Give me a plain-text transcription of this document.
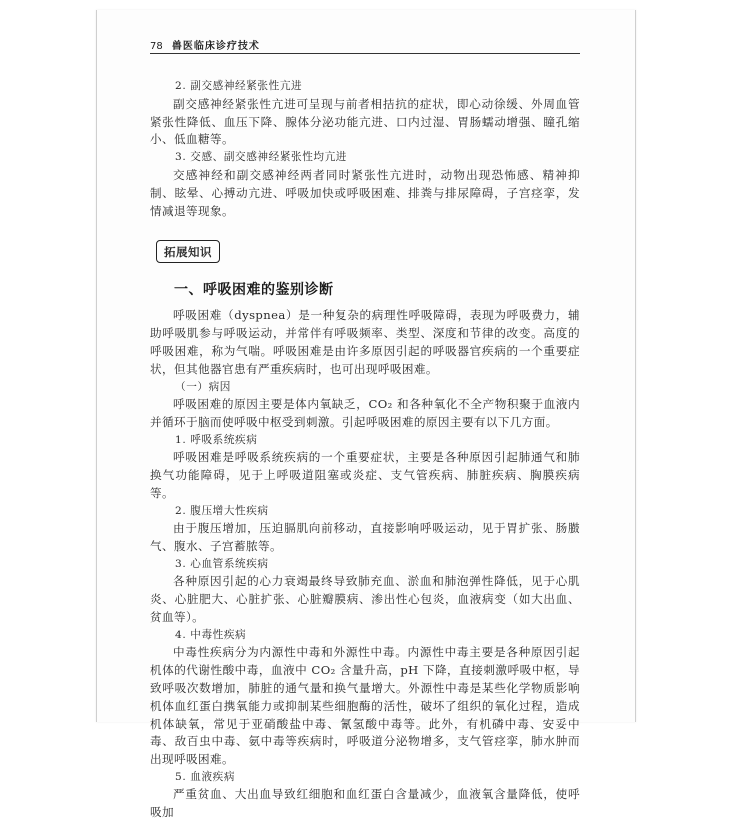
78 兽医临床诊疗技术
2. 副交感神经紧张性亢进

副交感神经紧张性亢进可呈现与前者相拮抗的症状，即心动徐缓、外周血管紧张性降低、血压下降、腺体分泌功能亢进、口内过湿、胃肠蠕动增强、瞳孔缩小、低血糖等。

3. 交感、副交感神经紧张性均亢进

交感神经和副交感神经两者同时紧张性亢进时，动物出现恐怖感、精神抑制、眩晕、心搏动亢进、呼吸加快或呼吸困难、排粪与排尿障碍，子宫痉挛，发情减退等现象。

拓展知识
一、呼吸困难的鉴别诊断

呼吸困难（dyspnea）是一种复杂的病理性呼吸障碍，表现为呼吸费力，辅助呼吸肌参与呼吸运动，并常伴有呼吸频率、类型、深度和节律的改变。高度的呼吸困难，称为气喘。呼吸困难是由许多原因引起的呼吸器官疾病的一个重要症状，但其他器官患有严重疾病时，也可出现呼吸困难。

（一）病因

呼吸困难的原因主要是体内氧缺乏，CO₂ 和各种氧化不全产物积聚于血液内并循环于脑而使呼吸中枢受到刺激。引起呼吸困难的原因主要有以下几方面。

1. 呼吸系统疾病

呼吸困难是呼吸系统疾病的一个重要症状，主要是各种原因引起肺通气和肺换气功能障碍，见于上呼吸道阻塞或炎症、支气管疾病、肺脏疾病、胸膜疾病等。

2. 腹压增大性疾病

由于腹压增加，压迫膈肌向前移动，直接影响呼吸运动，见于胃扩张、肠臌气、腹水、子宫蓄脓等。

3. 心血管系统疾病

各种原因引起的心力衰竭最终导致肺充血、淤血和肺泡弹性降低，见于心肌炎、心脏肥大、心脏扩张、心脏瓣膜病、渗出性心包炎，血液病变（如大出血、贫血等）。

4. 中毒性疾病

中毒性疾病分为内源性中毒和外源性中毒。内源性中毒主要是各种原因引起机体的代谢性酸中毒，血液中 CO₂ 含量升高，pH 下降，直接刺激呼吸中枢，导致呼吸次数增加，肺脏的通气量和换气量增大。外源性中毒是某些化学物质影响机体血红蛋白携氧能力或抑制某些细胞酶的活性，破坏了组织的氧化过程，造成机体缺氧，常见于亚硝酸盐中毒、氰氢酸中毒等。此外，有机磷中毒、安妥中毒、敌百虫中毒、氨中毒等疾病时，呼吸道分泌物增多，支气管痉挛，肺水肿而出现呼吸困难。

5. 血液疾病

严重贫血、大出血导致红细胞和血红蛋白含量减少，血液氧含量降低，使呼吸加
